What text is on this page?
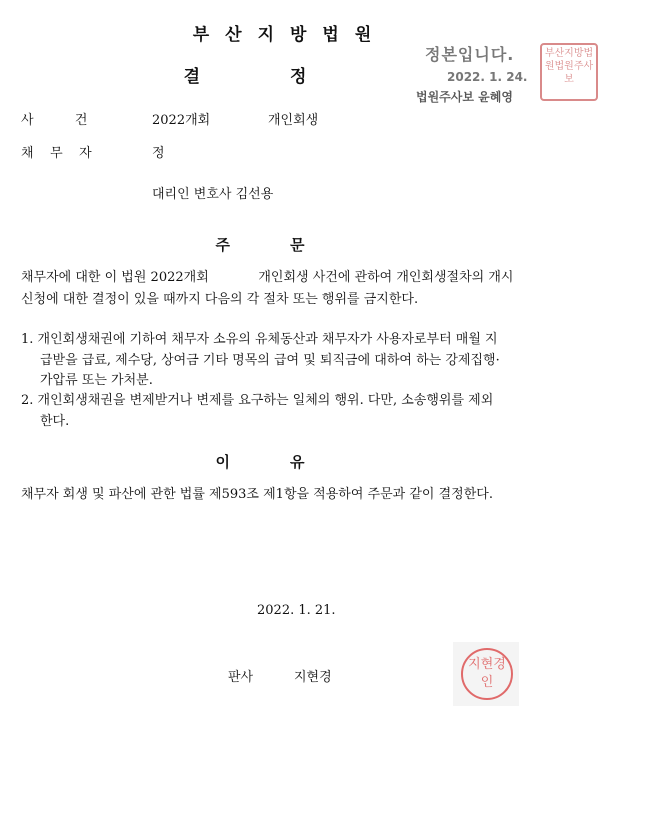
부산지방법원
결정
정본입니다.
2022. 1. 24.
법원주사보 윤혜영
부산지방법원법원주사보
사          건	2022개회	개인회생
채    무    자	정
대리인 변호사 김선용
주문
채무자에 대한 이 법원 2022개회            개인회생 사건에 관하여 개인회생절차의 개시
신청에 대한 결정이 있을 때까지 다음의 각 절차 또는 행위를 금지한다.
1. 개인회생채권에 기하여 채무자 소유의 유체동산과 채무자가 사용자로부터 매월 지
급받을 급료, 제수당, 상여금 기타 명목의 급여 및 퇴직금에 대하여 하는 강제집행·
가압류 또는 가처분.
2. 개인회생채권을 변제받거나 변제를 요구하는 일체의 행위. 다만, 소송행위를 제외
한다.
이유
채무자 회생 및 파산에 관한 법률 제593조 제1항을 적용하여 주문과 같이 결정한다.
2022. 1. 21.
판사	지현경
지현경인
